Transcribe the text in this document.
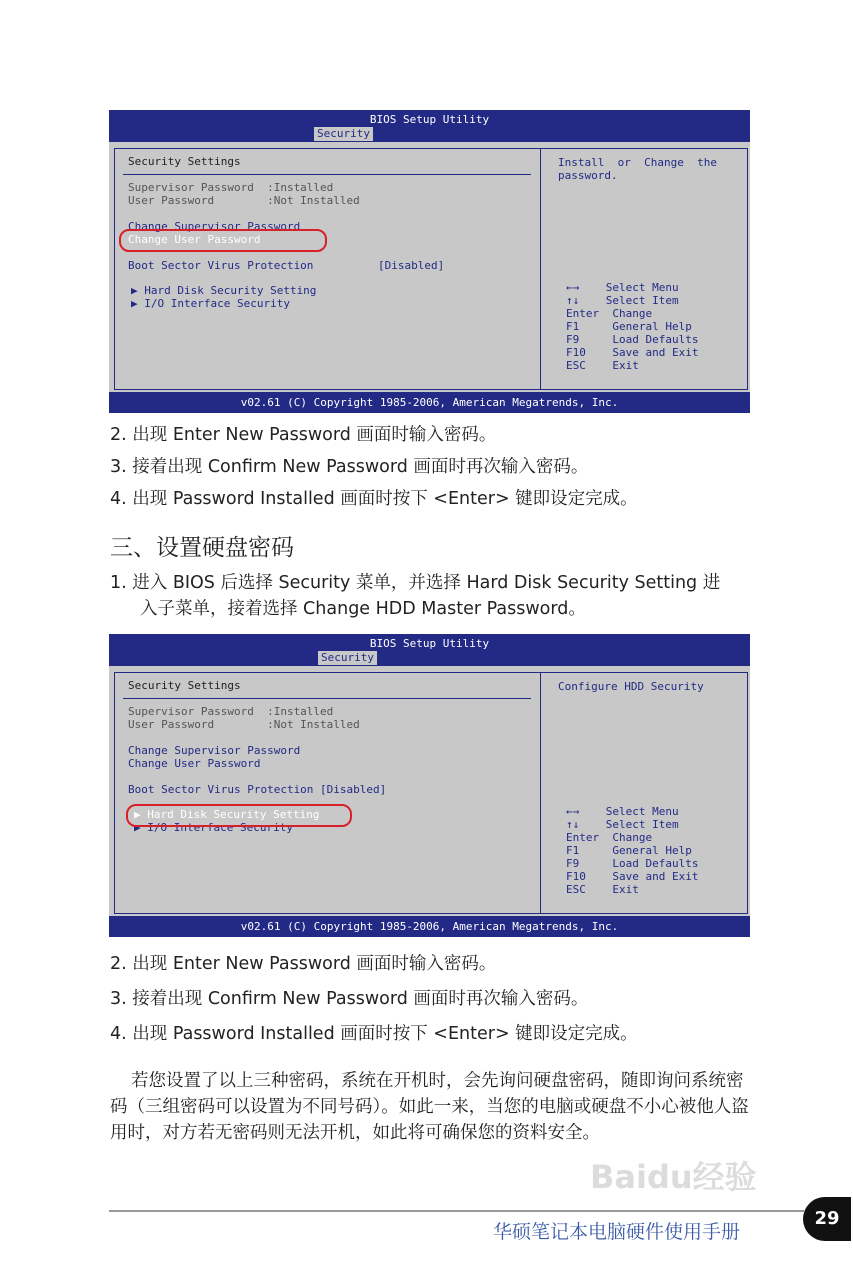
BIOS Setup Utility
Security
Security Settings
Supervisor Password  :Installed
User Password        :Not Installed
Change Supervisor Password
Change User Password
Boot Sector Virus Protection	[Disabled]
▶ Hard Disk Security Setting
▶ I/O Interface Security
Install  or  Change  the
password.
←→    Select Menu
↑↓    Select Item
Enter  Change
F1     General Help
F9     Load Defaults
F10    Save and Exit
ESC    Exit
v02.61 (C) Copyright 1985-2006, American Megatrends, Inc.
2. 出现 Enter New Password 画面时输入密码。
3. 接着出现 Confirm New Password 画面时再次输入密码。
4. 出现 Password Installed 画面时按下 <Enter> 键即设定完成。
三、设置硬盘密码
1. 进入 BIOS 后选择 Security 菜单，并选择 Hard Disk Security Setting 进
入子菜单，接着选择 Change HDD Master Password。
BIOS Setup Utility
Security
Security Settings
Supervisor Password  :Installed
User Password        :Not Installed
Change Supervisor Password
Change User Password
Boot Sector Virus Protection [Disabled]
▶ Hard Disk Security Setting
▶ I/O Interface Security
Configure HDD Security
←→    Select Menu
↑↓    Select Item
Enter  Change
F1     General Help
F9     Load Defaults
F10    Save and Exit
ESC    Exit
v02.61 (C) Copyright 1985-2006, American Megatrends, Inc.
2. 出现 Enter New Password 画面时输入密码。
3. 接着出现 Confirm New Password 画面时再次输入密码。
4. 出现 Password Installed 画面时按下 <Enter> 键即设定完成。
若您设置了以上三种密码，系统在开机时，会先询问硬盘密码，随即询问系统密码（三组密码可以设置为不同号码）。如此一来，当您的电脑或硬盘不小心被他人盗用时，对方若无密码则无法开机，如此将可确保您的资料安全。
Baidu经验
华硕笔记本电脑硬件使用手册
29
